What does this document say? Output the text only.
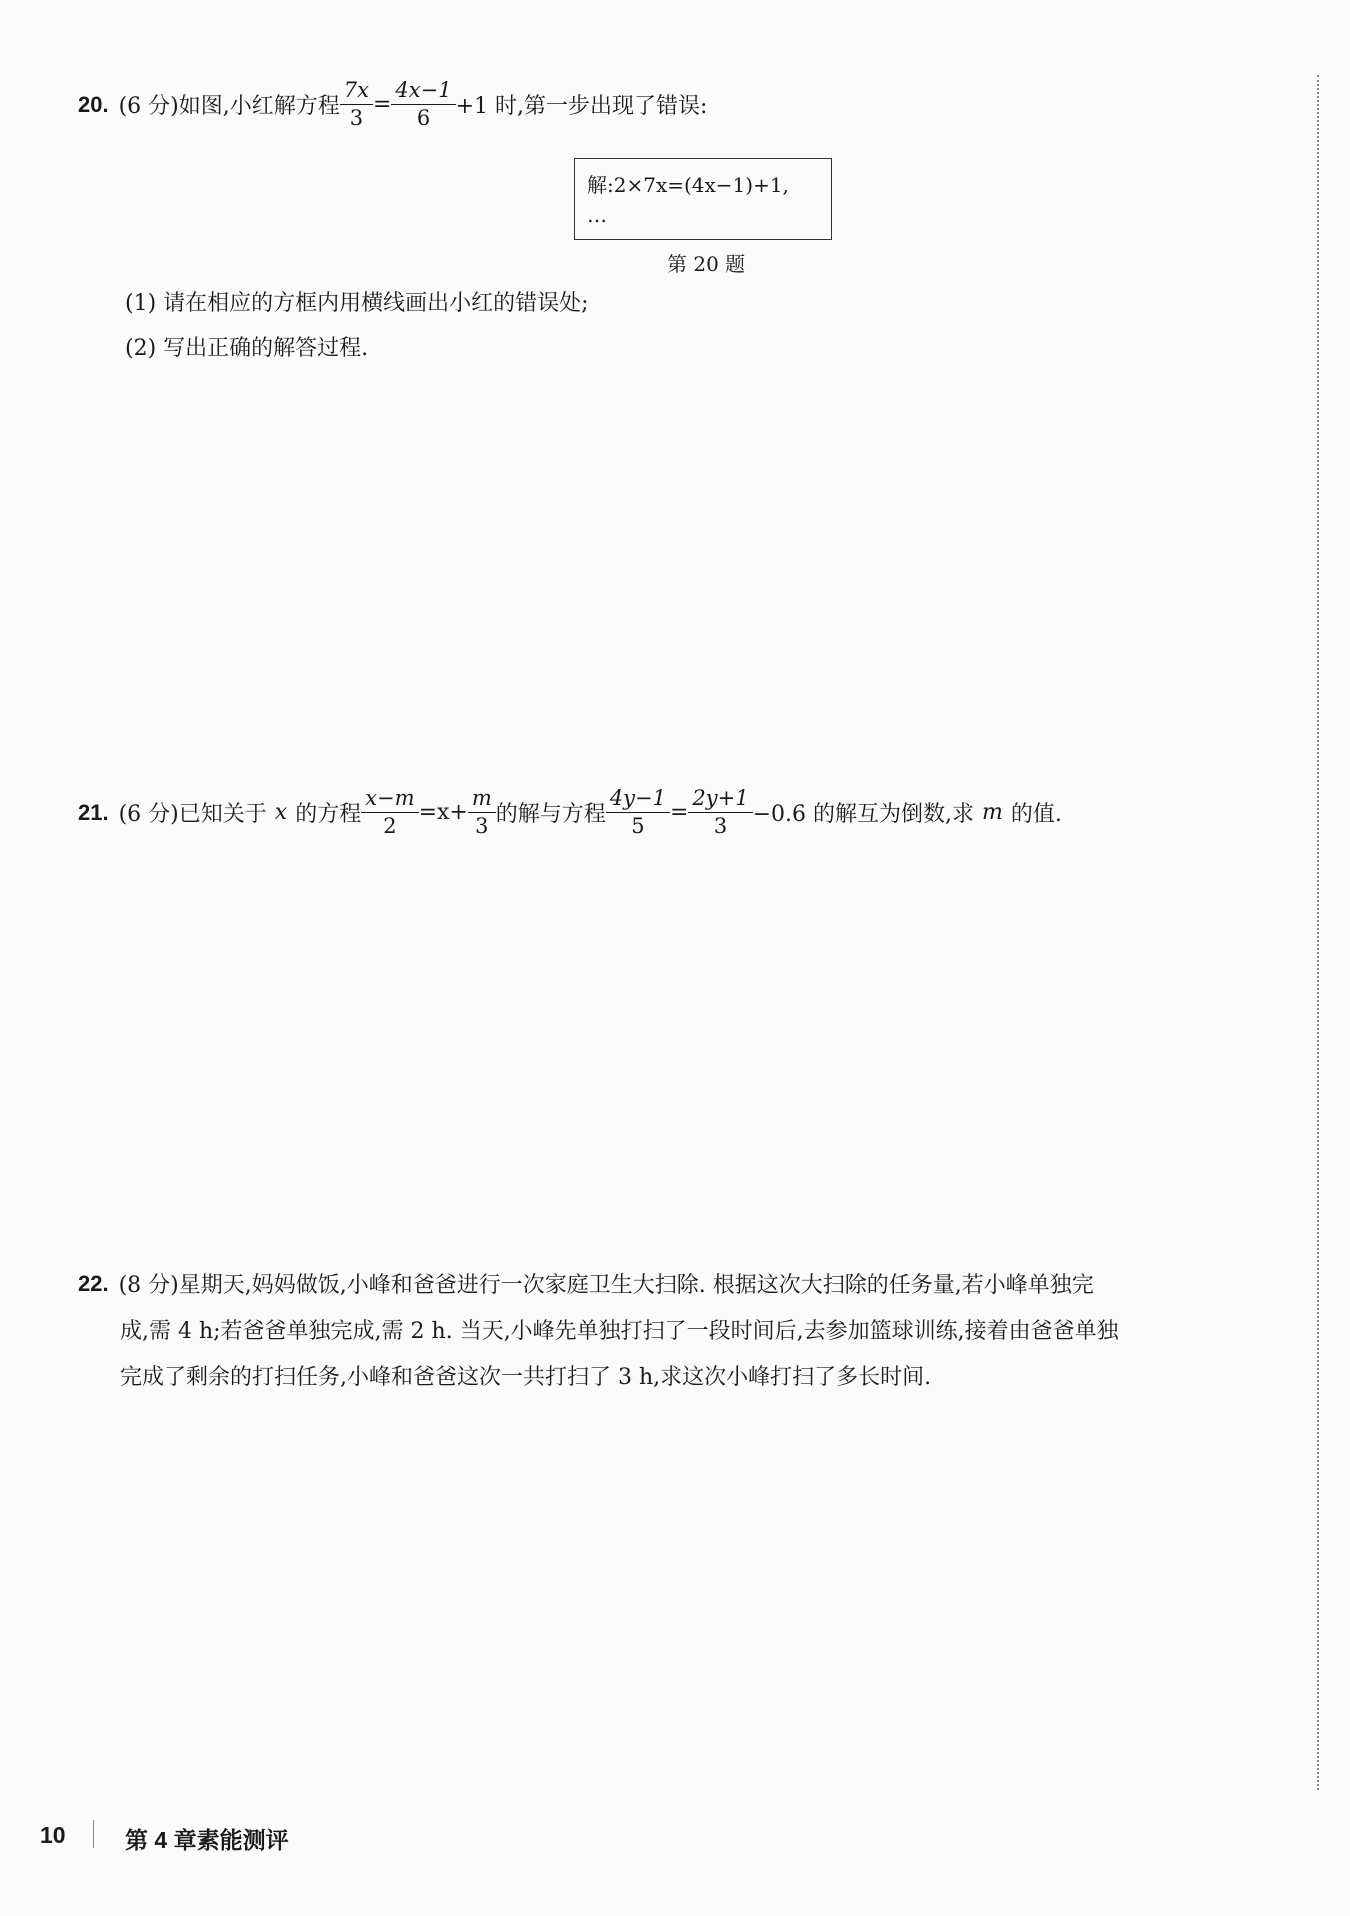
20. (6 分) 如图,小红解方程 $\frac{7x}{3} = \frac{4x-1}{6} +1$ 时,第一步出现了错误:
解:2×7x=(4x−1)+1,
…
第 20 题
(1) 请在相应的方框内用横线画出小红的错误处;
(2) 写出正确的解答过程.
21. (6 分) 已知关于 x 的方程 $\frac{x-m}{2} =x+ \frac{m}{3}$ 的解与方程 $\frac{4y-1}{5} = \frac{2y+1}{3} -0.6$ 的解互为倒数,求 m 的值.
22. (8 分) 星期天,妈妈做饭,小峰和爸爸进行一次家庭卫生大扫除. 根据这次大扫除的任务量,若小峰单独完
成,需 4 h;若爸爸单独完成,需 2 h. 当天,小峰先单独打扫了一段时间后,去参加篮球训练,接着由爸爸单独
完成了剩余的打扫任务,小峰和爸爸这次一共打扫了 3 h,求这次小峰打扫了多长时间.
10	第 4 章素能测评
